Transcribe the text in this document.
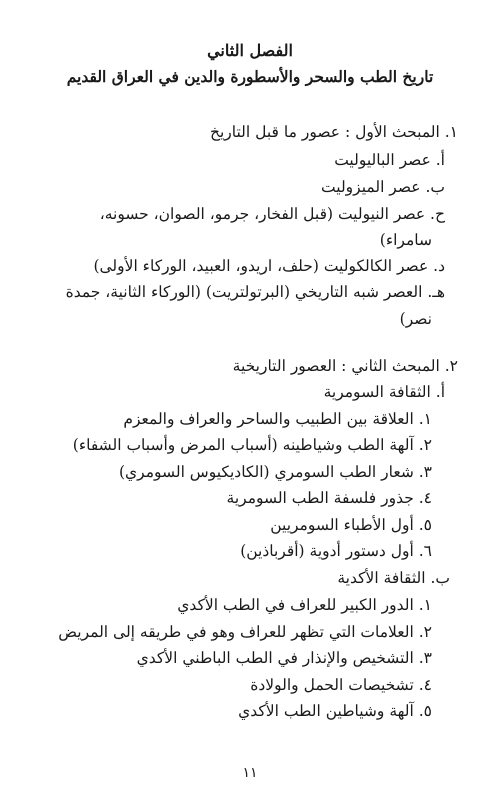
الفصل الثاني
تاريخ الطب والسحر والأسطورة والدين في العراق القديم
١. المبحث الأول : عصور ما قبل التاريخ
أ. عصر الباليوليت
ب. عصر الميزوليت
ح. عصر النيوليت (قبل الفخار، جرمو، الصوان، حسونه،
سامراء)
د. عصر الكالكوليت (حلف، اريدو، العبيد، الوركاء الأولى)
هـ. العصر شبه التاريخي (البرتولتريت) (الوركاء الثانية، جمدة
نصر)
٢. المبحث الثاني : العصور التاريخية
أ. الثقافة السومرية
١. العلاقة بين الطبيب والساحر والعراف والمعزم
٢. آلهة الطب وشياطينه (أسباب المرض وأسباب الشفاء)
٣. شعار الطب السومري (الكاديكيوس السومري)
٤. جذور فلسفة الطب السومرية
٥. أول الأطباء السومريين
٦. أول دستور أدوية (أقرباذين)
ب. الثقافة الأكدية
١. الدور الكبير للعراف في الطب الأكدي
٢. العلامات التي تظهر للعراف وهو في طريقه إلى المريض
٣. التشخيص والإنذار في الطب الباطني الأكدي
٤. تشخيصات الحمل والولادة
٥. آلهة وشياطين الطب الأكدي
١١
